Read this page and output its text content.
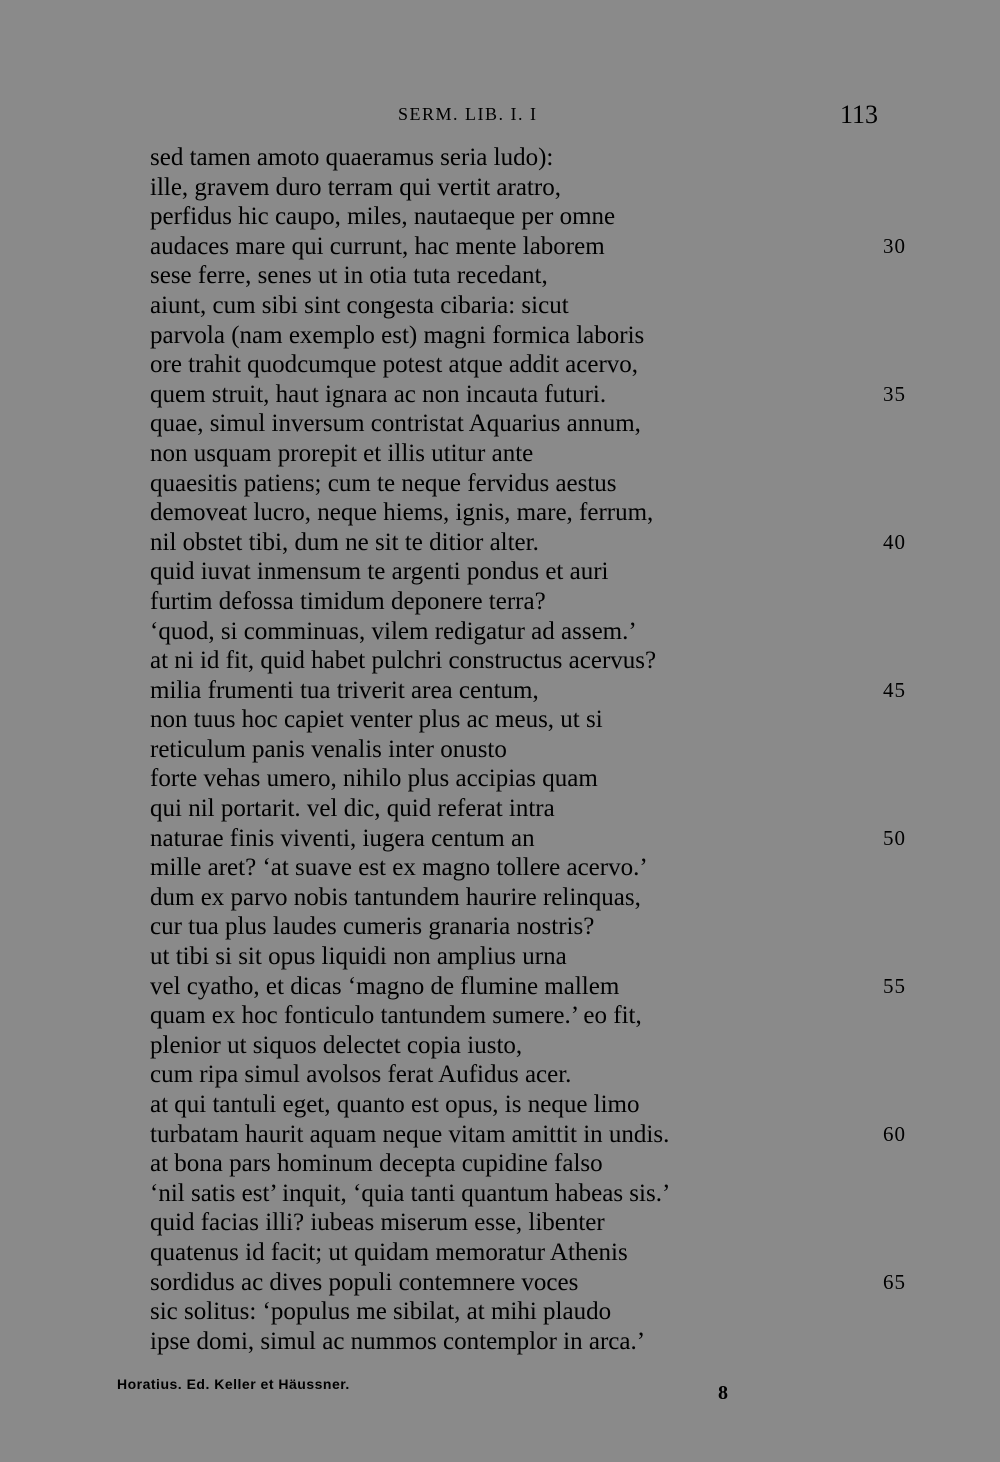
SERM. LIB. I. I	113
sed tamen amoto quaeramus seria ludo):
ille, gravem duro terram qui vertit aratro,
perfidus hic caupo, miles, nautaeque per omne
audaces mare qui currunt, hac mente laborem	30
sese ferre, senes ut in otia tuta recedant,
aiunt, cum sibi sint congesta cibaria: sicut
parvola (nam exemplo est) magni formica laboris
ore trahit quodcumque potest atque addit acervo,
quem struit, haut ignara ac non incauta futuri.	35
quae, simul inversum contristat Aquarius annum,
non usquam prorepit et illis utitur ante
quaesitis patiens; cum te neque fervidus aestus
demoveat lucro, neque hiems, ignis, mare, ferrum,
nil obstet tibi, dum ne sit te ditior alter.	40
quid iuvat inmensum te argenti pondus et auri
furtim defossa timidum deponere terra?
‘quod, si comminuas, vilem redigatur ad assem.’
at ni id fit, quid habet pulchri constructus acervus?
milia frumenti tua triverit area centum,	45
non tuus hoc capiet venter plus ac meus, ut si
reticulum panis venalis inter onusto
forte vehas umero, nihilo plus accipias quam
qui nil portarit. vel dic, quid referat intra
naturae finis viventi, iugera centum an	50
mille aret? ‘at suave est ex magno tollere acervo.’
dum ex parvo nobis tantundem haurire relinquas,
cur tua plus laudes cumeris granaria nostris?
ut tibi si sit opus liquidi non amplius urna
vel cyatho, et dicas ‘magno de flumine mallem	55
quam ex hoc fonticulo tantundem sumere.’ eo fit,
plenior ut siquos delectet copia iusto,
cum ripa simul avolsos ferat Aufidus acer.
at qui tantuli eget, quanto est opus, is neque limo
turbatam haurit aquam neque vitam amittit in undis.	60
at bona pars hominum decepta cupidine falso
‘nil satis est’ inquit, ‘quia tanti quantum habeas sis.’
quid facias illi? iubeas miserum esse, libenter
quatenus id facit; ut quidam memoratur Athenis
sordidus ac dives populi contemnere voces	65
sic solitus: ‘populus me sibilat, at mihi plaudo
ipse domi, simul ac nummos contemplor in arca.’
Horatius. Ed. Keller et Häussner.	8
